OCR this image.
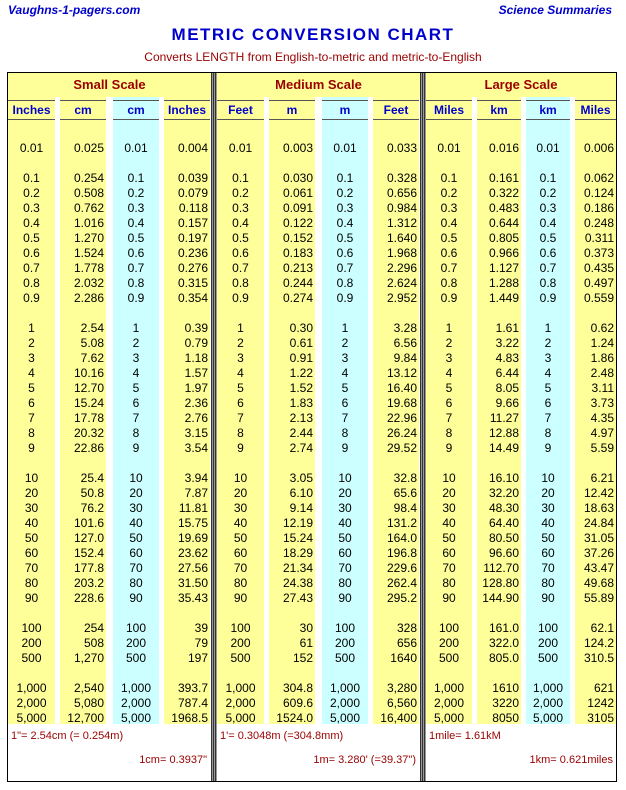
Vaughns-1-pagers.com	Science Summaries
METRIC CONVERSION CHART
Converts LENGTH from English-to-metric and metric-to-English
Small Scale
Inches
0.01
0.1
0.2
0.3
0.4
0.5
0.6
0.7
0.8
0.9
1
2
3
4
5
6
7
8
9
10
20
30
40
50
60
70
80
90
100
200
500
1,000
2,000
5,000
cm
0.025
0.254
0.508
0.762
1.016
1.270
1.524
1.778
2.032
2.286
2.54
5.08
7.62
10.16
12.70
15.24
17.78
20.32
22.86
25.4
50.8
76.2
101.6
127.0
152.4
177.8
203.2
228.6
254
508
1,270
2,540
5,080
12,700
cm
0.01
0.1
0.2
0.3
0.4
0.5
0.6
0.7
0.8
0.9
1
2
3
4
5
6
7
8
9
10
20
30
40
50
60
70
80
90
100
200
500
1,000
2,000
5,000
Inches
0.004
0.039
0.079
0.118
0.157
0.197
0.236
0.276
0.315
0.354
0.39
0.79
1.18
1.57
1.97
2.36
2.76
3.15
3.54
3.94
7.87
11.81
15.75
19.69
23.62
27.56
31.50
35.43
39
79
197
393.7
787.4
1968.5
1"= 2.54cm (= 0.254m)
1cm= 0.3937"
Medium Scale
Feet
0.01
0.1
0.2
0.3
0.4
0.5
0.6
0.7
0.8
0.9
1
2
3
4
5
6
7
8
9
10
20
30
40
50
60
70
80
90
100
200
500
1,000
2,000
5,000
m
0.003
0.030
0.061
0.091
0.122
0.152
0.183
0.213
0.244
0.274
0.30
0.61
0.91
1.22
1.52
1.83
2.13
2.44
2.74
3.05
6.10
9.14
12.19
15.24
18.29
21.34
24.38
27.43
30
61
152
304.8
609.6
1524.0
m
0.01
0.1
0.2
0.3
0.4
0.5
0.6
0.7
0.8
0.9
1
2
3
4
5
6
7
8
9
10
20
30
40
50
60
70
80
90
100
200
500
1,000
2,000
5,000
Feet
0.033
0.328
0.656
0.984
1.312
1.640
1.968
2.296
2.624
2.952
3.28
6.56
9.84
13.12
16.40
19.68
22.96
26.24
29.52
32.8
65.6
98.4
131.2
164.0
196.8
229.6
262.4
295.2
328
656
1640
3,280
6,560
16,400
1'= 0.3048m (=304.8mm)
1m= 3.280' (=39.37")
Large Scale
Miles
0.01
0.1
0.2
0.3
0.4
0.5
0.6
0.7
0.8
0.9
1
2
3
4
5
6
7
8
9
10
20
30
40
50
60
70
80
90
100
200
500
1,000
2,000
5,000
km
0.016
0.161
0.322
0.483
0.644
0.805
0.966
1.127
1.288
1.449
1.61
3.22
4.83
6.44
8.05
9.66
11.27
12.88
14.49
16.10
32.20
48.30
64.40
80.50
96.60
112.70
128.80
144.90
161.0
322.0
805.0
1610
3220
8050
km
0.01
0.1
0.2
0.3
0.4
0.5
0.6
0.7
0.8
0.9
1
2
3
4
5
6
7
8
9
10
20
30
40
50
60
70
80
90
100
200
500
1,000
2,000
5,000
Miles
0.006
0.062
0.124
0.186
0.248
0.311
0.373
0.435
0.497
0.559
0.62
1.24
1.86
2.48
3.11
3.73
4.35
4.97
5.59
6.21
12.42
18.63
24.84
31.05
37.26
43.47
49.68
55.89
62.1
124.2
310.5
621
1242
3105
1mile= 1.61kM
1km= 0.621miles
